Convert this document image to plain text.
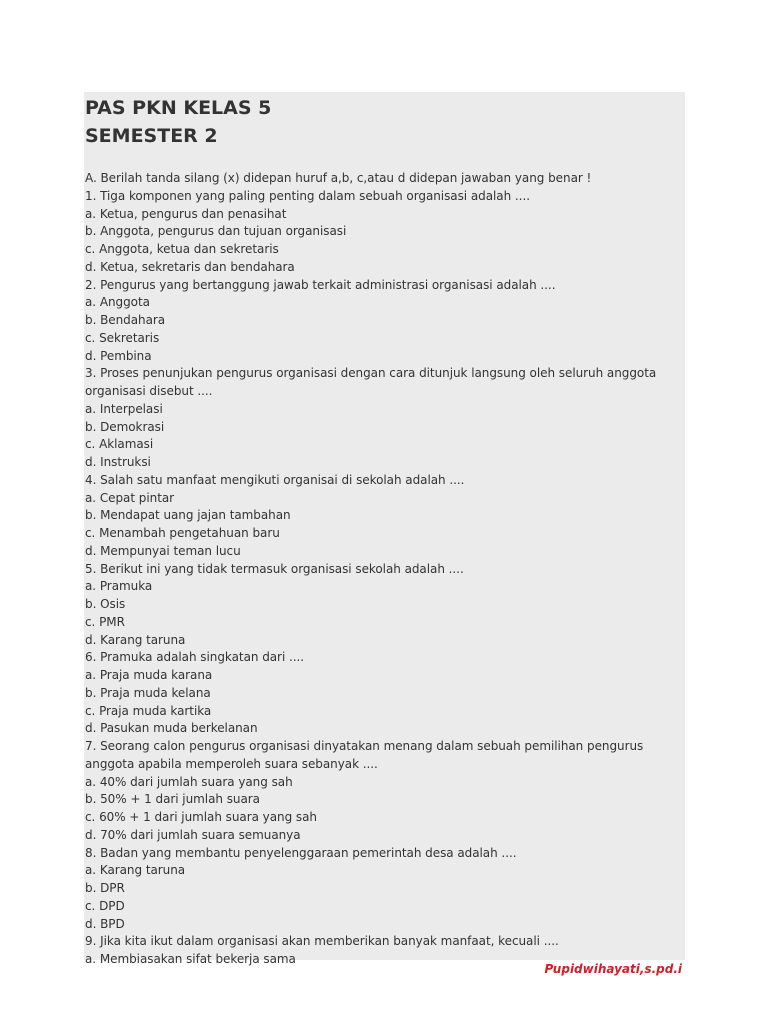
PAS PKN KELAS 5
SEMESTER 2
A. Berilah tanda silang (x) didepan huruf a,b, c,atau d didepan jawaban yang benar !
1. Tiga komponen yang paling penting dalam sebuah organisasi adalah ....
a. Ketua, pengurus dan penasihat
b. Anggota, pengurus dan tujuan organisasi
c. Anggota, ketua dan sekretaris
d. Ketua, sekretaris dan bendahara
2. Pengurus yang bertanggung jawab terkait administrasi organisasi adalah ....
a. Anggota
b. Bendahara
c. Sekretaris
d. Pembina
3. Proses penunjukan pengurus organisasi dengan cara ditunjuk langsung oleh seluruh anggota organisasi disebut ....
a. Interpelasi
b. Demokrasi
c. Aklamasi
d. Instruksi
4. Salah satu manfaat mengikuti organisai di sekolah adalah ....
a. Cepat pintar
b. Mendapat uang jajan tambahan
c. Menambah pengetahuan baru
d. Mempunyai teman lucu
5. Berikut ini yang tidak termasuk organisasi sekolah adalah ....
a. Pramuka
b. Osis
c. PMR
d. Karang taruna
6. Pramuka adalah singkatan dari ....
a. Praja muda karana
b. Praja muda kelana
c. Praja muda kartika
d. Pasukan muda berkelanan
7. Seorang calon pengurus organisasi dinyatakan menang dalam sebuah pemilihan pengurus anggota apabila memperoleh suara sebanyak ....
a. 40% dari jumlah suara yang sah
b. 50% + 1 dari jumlah suara
c. 60% + 1 dari jumlah suara yang sah
d. 70% dari jumlah suara semuanya
8. Badan yang membantu penyelenggaraan pemerintah desa adalah ....
a. Karang taruna
b. DPR
c. DPD
d. BPD
9. Jika kita ikut dalam organisasi akan memberikan banyak manfaat, kecuali ....
a. Membiasakan sifat bekerja sama
Pupidwihayati,s.pd.i
